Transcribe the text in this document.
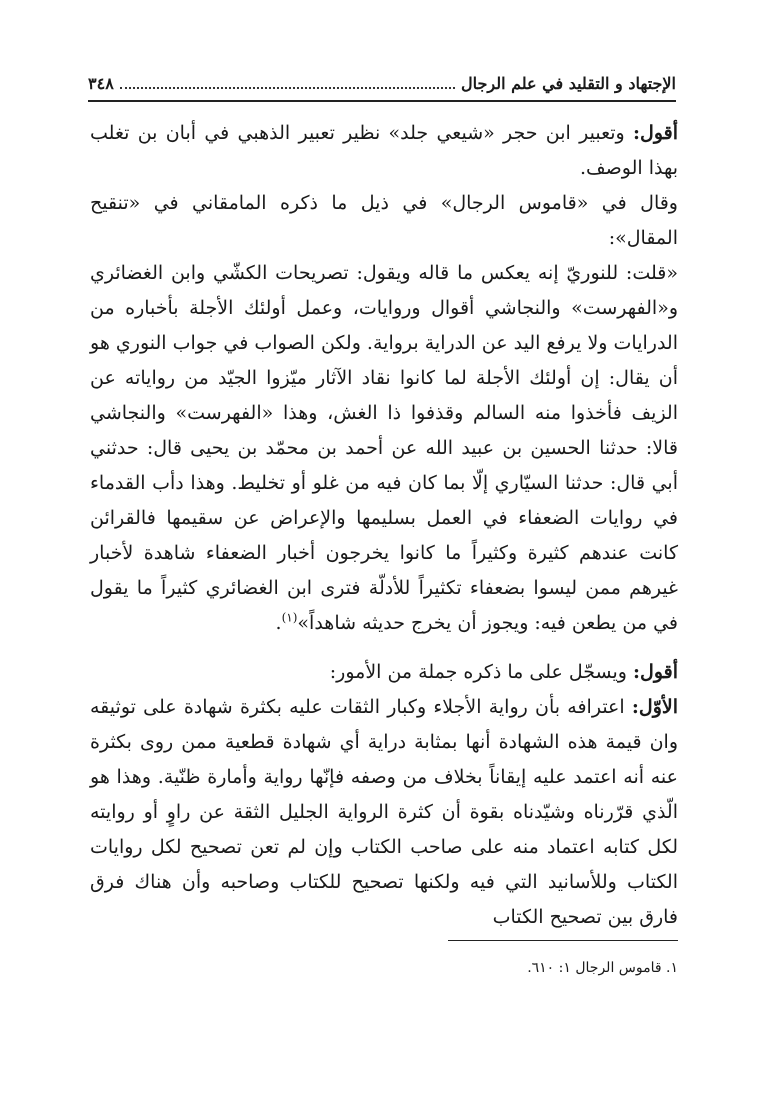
الإجتهاد و التقليد في علم الرجال
٣٤٨

أقول: وتعبير ابن حجر «شيعي جلد» نظير تعبير الذهبي في أبان بن تغلب بهذا الوصف.

وقال في «قاموس الرجال» في ذيل ما ذكره المامقاني في «تنقيح المقال»:

«قلت: للنوريّ إنه يعكس ما قاله ويقول: تصريحات الكشّي وابن الغضائري و«الفهرست» والنجاشي أقوال وروايات، وعمل أولئك الأجلة بأخباره من الدرايات ولا يرفع اليد عن الدراية برواية. ولكن الصواب في جواب النوري هو أن يقال: إن أولئك الأجلة لما كانوا نقاد الآثار ميّزوا الجيّد من رواياته عن الزيف فأخذوا منه السالم وقذفوا ذا الغش، وهذا «الفهرست» والنجاشي قالا: حدثنا الحسين بن عبيد الله عن أحمد بن محمّد بن يحيى قال: حدثني أبي قال: حدثنا السيّاري إلّا بما كان فيه من غلو أو تخليط. وهذا دأب القدماء في روايات الضعفاء في العمل بسليمها والإعراض عن سقيمها فالقرائن كانت عندهم كثيرة وكثيراً ما كانوا يخرجون أخبار الضعفاء شاهدة لأخبار غيرهم ممن ليسوا بضعفاء تكثيراً للأدلّة فترى ابن الغضائري كثيراً ما يقول في من يطعن فيه: ويجوز أن يخرج حديثه شاهداً»$^{(١)}$.

أقول: ويسجّل على ما ذكره جملة من الأمور:

الأوّل: اعترافه بأن رواية الأجلاء وكبار الثقات عليه بكثرة شهادة على توثيقه وان قيمة هذه الشهادة أنها بمثابة دراية أي شهادة قطعية ممن روى بكثرة عنه أنه اعتمد عليه إيقاناً بخلاف من وصفه فإنّها رواية وأمارة ظنّية. وهذا هو الّذي قرّرناه وشيّدناه بقوة أن كثرة الرواية الجليل الثقة عن راوٍ أو روايته لكل كتابه اعتماد منه على صاحب الكتاب وإن لم تعن تصحيح لكل روايات الكتاب وللأسانيد التي فيه ولكنها تصحيح للكتاب وصاحبه وأن هناك فرق فارق بين تصحيح الكتاب

١. قاموس الرجال ١: ٦١٠.
